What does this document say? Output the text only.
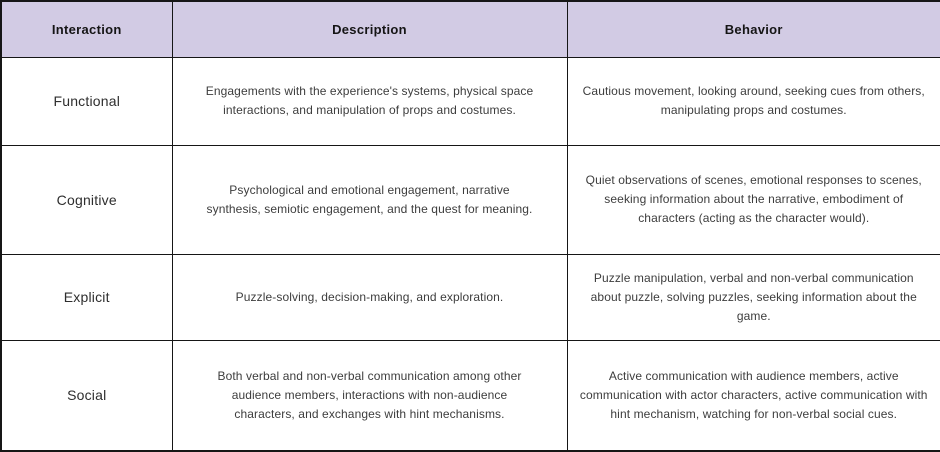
Interaction	Description	Behavior
Functional	Engagements with the experience's systems, physical space interactions, and manipulation of props and costumes.	Cautious movement, looking around, seeking cues from others, manipulating props and costumes.
Cognitive	Psychological and emotional engagement, narrative synthesis, semiotic engagement, and the quest for meaning.	Quiet observations of scenes, emotional responses to scenes, seeking information about the narrative, embodiment of characters (acting as the character would).
Explicit	Puzzle-solving, decision-making, and exploration.	Puzzle manipulation, verbal and non-verbal communication about puzzle, solving puzzles, seeking information about the game.
Social	Both verbal and non-verbal communication among other audience members, interactions with non-audience characters, and exchanges with hint mechanisms.	Active communication with audience members, active communication with actor characters, active communication with hint mechanism, watching for non-verbal social cues.
